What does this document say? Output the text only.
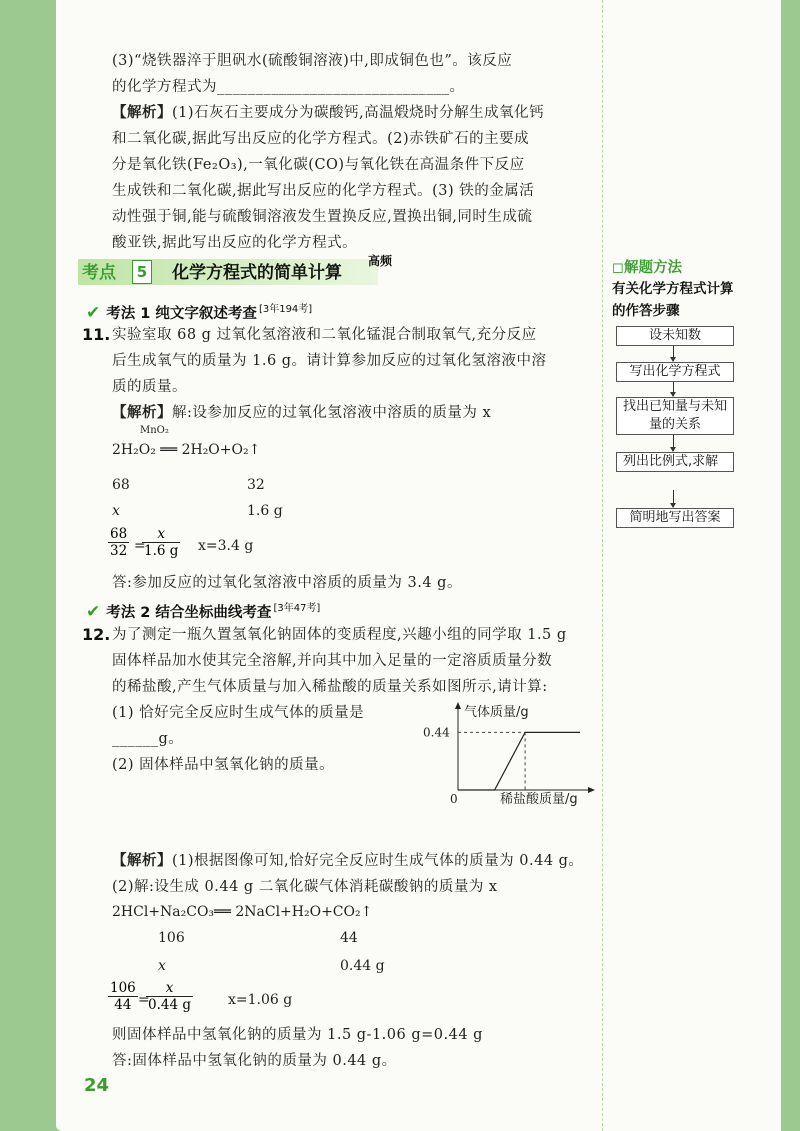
(3)“烧铁器淬于胆矾水(硫酸铜溶液)中,即成铜色也”。该反应
的化学方程式为______________________________。
【解析】(1)石灰石主要成分为碳酸钙,高温煅烧时分解生成氧化钙
和二氧化碳,据此写出反应的化学方程式。(2)赤铁矿石的主要成
分是氧化铁(Fe₂O₃),一氧化碳(CO)与氧化铁在高温条件下反应
生成铁和二氧化碳,据此写出反应的化学方程式。(3) 铁的金属活
动性强于铜,能与硫酸铜溶液发生置换反应,置换出铜,同时生成硫
酸亚铁,据此写出反应的化学方程式。
考点	5 化学方程式的简单计算
高频
✔ 考法 1 纯文字叙述考查 [3年194考]
11. 实验室取 68 g 过氧化氢溶液和二氧化锰混合制取氧气,充分反应
后生成氧气的质量为 1.6 g。请计算参加反应的过氧化氢溶液中溶
质的质量。
【解析】解:设参加反应的过氧化氢溶液中溶质的质量为 x
MnO₂
2H₂O₂ ══ 2H₂O+O₂↑
68	32
x	1.6 g
$\frac{68}{32}$ =
$\frac{x}{1.6 g} x=3.4$ g
答:参加反应的过氧化氢溶液中溶质的质量为 3.4 g。
✔ 考法 2 结合坐标曲线考查 [3年47考]
12. 为了测定一瓶久置氢氧化钠固体的变质程度,兴趣小组的同学取 1.5 g
固体样品加水使其完全溶解,并向其中加入足量的一定溶质质量分数
的稀盐酸,产生气体质量与加入稀盐酸的质量关系如图所示,请计算:
(1) 恰好完全反应时生成气体的质量是
______g。
(2) 固体样品中氢氧化钠的质量。
气体质量/g
稀盐酸质量/g
0
0.44
【解析】(1)根据图像可知,恰好完全反应时生成气体的质量为 0.44 g。
(2)解:设生成 0.44 g 二氧化碳气体消耗碳酸钠的质量为 x
2HCl+Na₂CO₃══ 2NaCl+H₂O+CO₂↑
106	44
x	0.44 g
$\frac{106}{44}$ =
$\frac{x}{0.44 g}$	x=1.06 g
则固体样品中氢氧化钠的质量为 1.5 g-1.06 g=0.44 g
答:固体样品中氢氧化钠的质量为 0.44 g。
◻解题方法
有关化学方程式计算的作答步骤
设未知数
写出化学方程式
找出已知量与未知量的关系
列出比例式,求解
简明地写出答案
24
